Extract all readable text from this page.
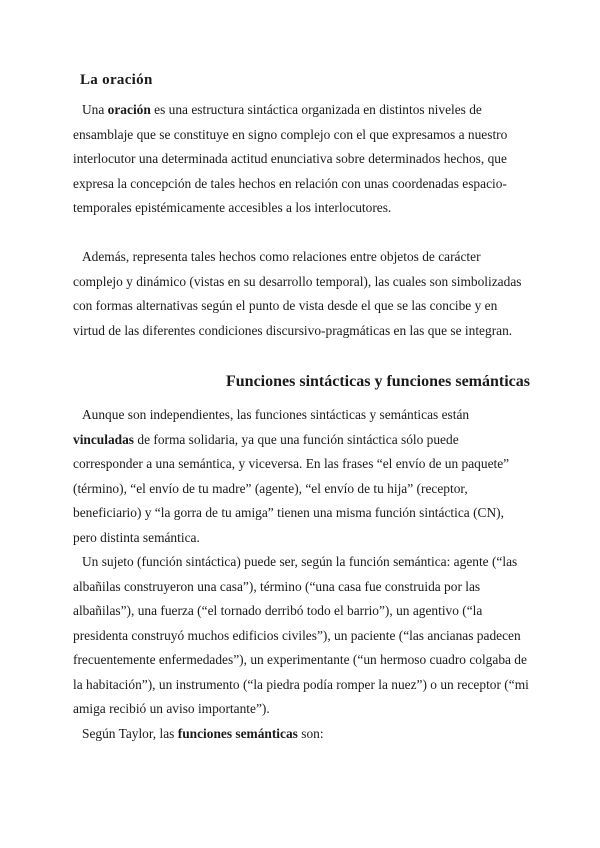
La oración

Una oración es una estructura sintáctica organizada en distintos niveles de ensamblaje que se constituye en signo complejo con el que expresamos a nuestro interlocutor una determinada actitud enunciativa sobre determinados hechos, que expresa la concepción de tales hechos en relación con unas coordenadas espacio-temporales epistémicamente accesibles a los interlocutores.

Además, representa tales hechos como relaciones entre objetos de carácter complejo y dinámico (vistas en su desarrollo temporal), las cuales son simbolizadas con formas alternativas según el punto de vista desde el que se las concibe y en virtud de las diferentes condiciones discursivo-pragmáticas en las que se integran.

Funciones sintácticas y funciones semánticas

Aunque son independientes, las funciones sintácticas y semánticas están vinculadas de forma solidaria, ya que una función sintáctica sólo puede corresponder a una semántica, y viceversa. En las frases “el envío de un paquete” (término), “el envío de tu madre” (agente), “el envío de tu hija” (receptor, beneficiario) y “la gorra de tu amiga” tienen una misma función sintáctica (CN), pero distinta semántica.

Un sujeto (función sintáctica) puede ser, según la función semántica: agente (“las albañilas construyeron una casa”), término (“una casa fue construida por las albañilas”), una fuerza (“el tornado derribó todo el barrio”), un agentivo (“la presidenta construyó muchos edificios civiles”), un paciente (“las ancianas padecen frecuentemente enfermedades”), un experimentante (“un hermoso cuadro colgaba de la habitación”), un instrumento (“la piedra podía romper la nuez”) o un receptor (“mi amiga recibió un aviso importante”).

Según Taylor, las funciones semánticas son:
